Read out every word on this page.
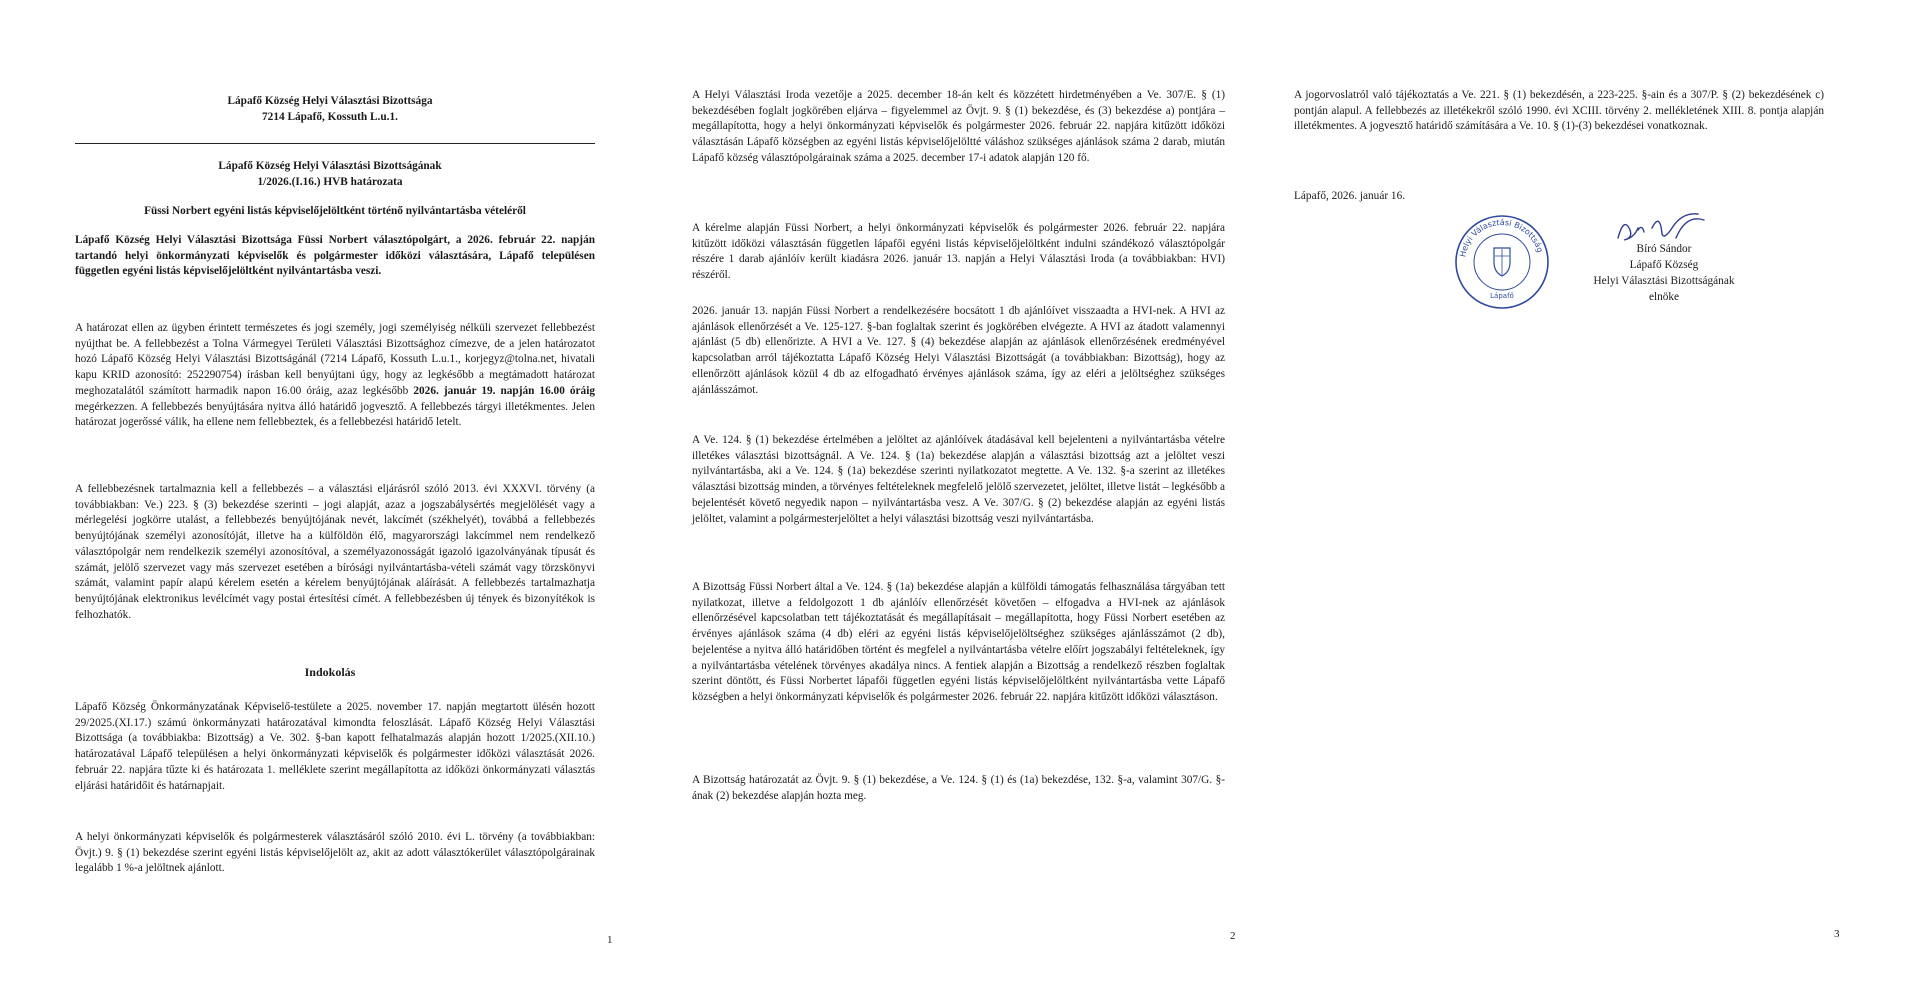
Lápafő Község Helyi Választási Bizottsága

7214 Lápafő, Kossuth L.u.1.

Lápafő Község Helyi Választási Bizottságának

1/2026.(I.16.) HVB határozata

Füssi Norbert egyéni listás képviselőjelöltként történő nyilvántartásba vételéről

Lápafő Község Helyi Választási Bizottsága Füssi Norbert választópolgárt, a 2026. február 22. napján tartandó helyi önkormányzati képviselők és polgármester időközi választására, Lápafő településen független egyéni listás képviselőjelöltként nyilvántartásba veszi.

A határozat ellen az ügyben érintett természetes és jogi személy, jogi személyiség nélküli szervezet fellebbezést nyújthat be. A fellebbezést a Tolna Vármegyei Területi Választási Bizottsághoz címezve, de a jelen határozatot hozó Lápafő Község Helyi Választási Bizottságánál (7214 Lápafő, Kossuth L.u.1., korjegyz@tolna.net, hivatali kapu KRID azonosító: 252290754) írásban kell benyújtani úgy, hogy az legkésőbb a megtámadott határozat meghozatalától számított harmadik napon 16.00 óráig, azaz legkésőbb 2026. január 19. napján 16.00 óráig megérkezzen. A fellebbezés benyújtására nyitva álló határidő jogvesztő. A fellebbezés tárgyi illetékmentes. Jelen határozat jogerőssé válik, ha ellene nem fellebbeztek, és a fellebbezési határidő letelt.

A fellebbezésnek tartalmaznia kell a fellebbezés – a választási eljárásról szóló 2013. évi XXXVI. törvény (a továbbiakban: Ve.) 223. § (3) bekezdése szerinti – jogi alapját, azaz a jogszabálysértés megjelölését vagy a mérlegelési jogkörre utalást, a fellebbezés benyújtójának nevét, lakcímét (székhelyét), továbbá a fellebbezés benyújtójának személyi azonosítóját, illetve ha a külföldön élő, magyarországi lakcímmel nem rendelkező választópolgár nem rendelkezik személyi azonosítóval, a személyazonosságát igazoló igazolványának típusát és számát, jelölő szervezet vagy más szervezet esetében a bírósági nyilvántartásba-vételi számát vagy törzskönyvi számát, valamint papír alapú kérelem esetén a kérelem benyújtójának aláírását. A fellebbezés tartalmazhatja benyújtójának elektronikus levélcímét vagy postai értesítési címét. A fellebbezésben új tények és bizonyítékok is felhozhatók.

Indokolás

Lápafő Község Önkormányzatának Képviselő-testülete a 2025. november 17. napján megtartott ülésén hozott 29/2025.(XI.17.) számú önkormányzati határozatával kimondta feloszlását. Lápafő Község Helyi Választási Bizottsága (a továbbiakba: Bizottság) a Ve. 302. §-ban kapott felhatalmazás alapján hozott 1/2025.(XII.10.) határozatával Lápafő településen a helyi önkormányzati képviselők és polgármester időközi választását 2026. február 22. napjára tűzte ki és határozata 1. melléklete szerint megállapította az időközi önkormányzati választás eljárási határidőit és határnapjait.

A helyi önkormányzati képviselők és polgármesterek választásáról szóló 2010. évi L. törvény (a továbbiakban: Övjt.) 9. § (1) bekezdése szerint egyéni listás képviselőjelölt az, akit az adott választókerület választópolgárainak legalább 1 %-a jelöltnek ajánlott.

1

A Helyi Választási Iroda vezetője a 2025. december 18-án kelt és közzétett hirdetményében a Ve. 307/E. § (1) bekezdésében foglalt jogkörében eljárva – figyelemmel az Övjt. 9. § (1) bekezdése, és (3) bekezdése a) pontjára – megállapította, hogy a helyi önkormányzati képviselők és polgármester 2026. február 22. napjára kitűzött időközi választásán Lápafő községben az egyéni listás képviselőjelöltté váláshoz szükséges ajánlások száma 2 darab, miután Lápafő község választópolgárainak száma a 2025. december 17-i adatok alapján 120 fő.

A kérelme alapján Füssi Norbert, a helyi önkormányzati képviselők és polgármester 2026. február 22. napjára kitűzött időközi választásán független lápafői egyéni listás képviselőjelöltként indulni szándékozó választópolgár részére 1 darab ajánlóív került kiadásra 2026. január 13. napján a Helyi Választási Iroda (a továbbiakban: HVI) részéről.

2026. január 13. napján Füssi Norbert a rendelkezésére bocsátott 1 db ajánlóívet visszaadta a HVI-nek. A HVI az ajánlások ellenőrzését a Ve. 125-127. §-ban foglaltak szerint és jogkörében elvégezte. A HVI az átadott valamennyi ajánlást (5 db) ellenőrizte. A HVI a Ve. 127. § (4) bekezdése alapján az ajánlások ellenőrzésének eredményével kapcsolatban arról tájékoztatta Lápafő Község Helyi Választási Bizottságát (a továbbiakban: Bizottság), hogy az ellenőrzött ajánlások közül 4 db az elfogadható érvényes ajánlások száma, így az eléri a jelöltséghez szükséges ajánlásszámot.

A Ve. 124. § (1) bekezdése értelmében a jelöltet az ajánlóívek átadásával kell bejelenteni a nyilvántartásba vételre illetékes választási bizottságnál. A Ve. 124. § (1a) bekezdése alapján a választási bizottság azt a jelöltet veszi nyilvántartásba, aki a Ve. 124. § (1a) bekezdése szerinti nyilatkozatot megtette. A Ve. 132. §-a szerint az illetékes választási bizottság minden, a törvényes feltételeknek megfelelő jelölő szervezetet, jelöltet, illetve listát – legkésőbb a bejelentését követő negyedik napon – nyilvántartásba vesz. A Ve. 307/G. § (2) bekezdése alapján az egyéni listás jelöltet, valamint a polgármesterjelöltet a helyi választási bizottság veszi nyilvántartásba.

A Bizottság Füssi Norbert által a Ve. 124. § (1a) bekezdése alapján a külföldi támogatás felhasználása tárgyában tett nyilatkozat, illetve a feldolgozott 1 db ajánlóív ellenőrzését követően – elfogadva a HVI-nek az ajánlások ellenőrzésével kapcsolatban tett tájékoztatását és megállapításait – megállapította, hogy Füssi Norbert esetében az érvényes ajánlások száma (4 db) eléri az egyéni listás képviselőjelöltséghez szükséges ajánlásszámot (2 db), bejelentése a nyitva álló határidőben történt és megfelel a nyilvántartásba vételre előírt jogszabályi feltételeknek, így a nyilvántartásba vételének törvényes akadálya nincs. A fentiek alapján a Bizottság a rendelkező részben foglaltak szerint döntött, és Füssi Norbertet lápafői független egyéni listás képviselőjelöltként nyilvántartásba vette Lápafő községben a helyi önkormányzati képviselők és polgármester 2026. február 22. napjára kitűzött időközi választáson.

A Bizottság határozatát az Övjt. 9. § (1) bekezdése, a Ve. 124. § (1) és (1a) bekezdése, 132. §-a, valamint 307/G. §-ának (2) bekezdése alapján hozta meg.

2

A jogorvoslatról való tájékoztatás a Ve. 221. § (1) bekezdésén, a 223-225. §-ain és a 307/P. § (2) bekezdésének c) pontján alapul. A fellebbezés az illetékekről szóló 1990. évi XCIII. törvény 2. mellékletének XIII. 8. pontja alapján illetékmentes. A jogvesztő határidő számítására a Ve. 10. § (1)-(3) bekezdései vonatkoznak.

Lápafő, 2026. január 16.

Helyi Választási Bizottság
Lápafő

Bíró Sándor

Lápafő Község

Helyi Választási Bizottságának

elnöke

3
